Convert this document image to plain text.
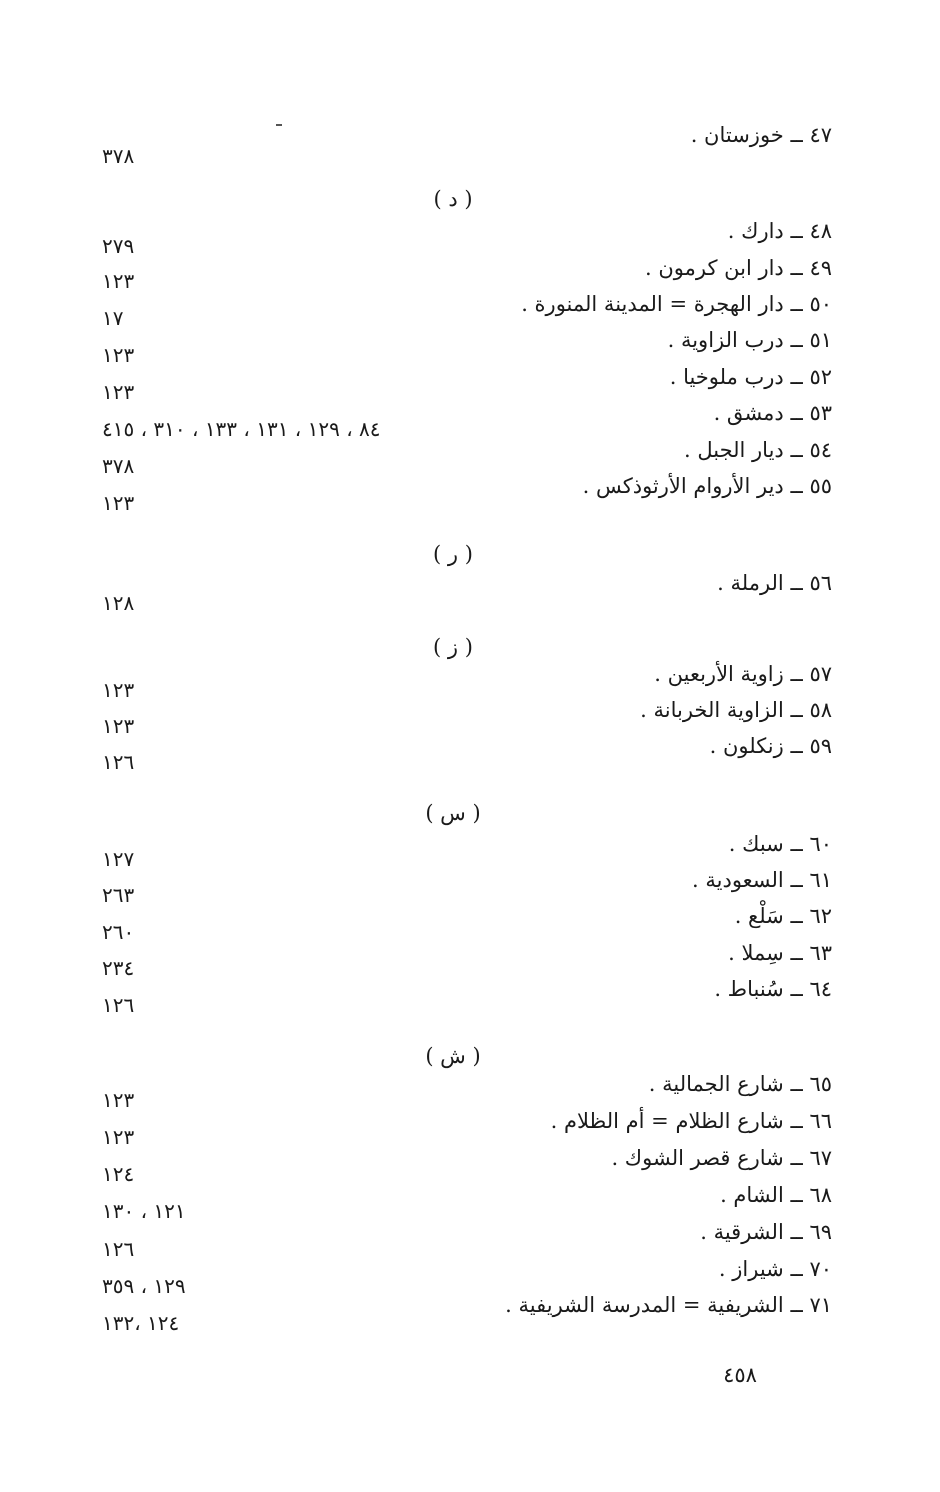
( د )
( ر )
( ز )
( س )
( ش )
٤٧ ــ خوزستان .
٤٨ ــ دارك .
٤٩ ــ دار ابن كرمون .
٥٠ ــ دار الهجرة = المدينة المنورة .
٥١ ــ درب الزاوية .
٥٢ ــ درب ملوخيا .
٥٣ ــ دمشق .
٥٤ ــ ديار الجبل .
٥٥ ــ دير الأروام الأرثوذكس .
٥٦ ــ الرملة .
٥٧ ــ زاوية الأربعين .
٥٨ ــ الزاوية الخربانة .
٥٩ ــ زنكلون .
٦٠ ــ سبك .
٦١ ــ السعودية .
٦٢ ــ سَلْع .
٦٣ ــ سِملا .
٦٤ ــ سُنباط .
٦٥ ــ شارع الجمالية .
٦٦ ــ شارع الظلام = أم الظلام .
٦٧ ــ شارع قصر الشوك .
٦٨ ــ الشام .
٦٩ ــ الشرقية .
٧٠ ــ شيراز .
٧١ ــ الشريفية = المدرسة الشريفية .
٣٧٨
٢٧٩
١٢٣
١٧
١٢٣
١٢٣
٨٤ ، ١٢٩ ، ١٣١ ، ١٣٣ ، ٣١٠ ، ٤١٥
٣٧٨
١٢٣
١٢٨
١٢٣
١٢٣
١٢٦
١٢٧
٢٦٣
٢٦٠
٢٣٤
١٢٦
١٢٣
١٢٣
١٢٤
١٢١ ، ١٣٠
١٢٦
١٢٩ ، ٣٥٩
١٢٤ ،١٣٢
٤٥٨
